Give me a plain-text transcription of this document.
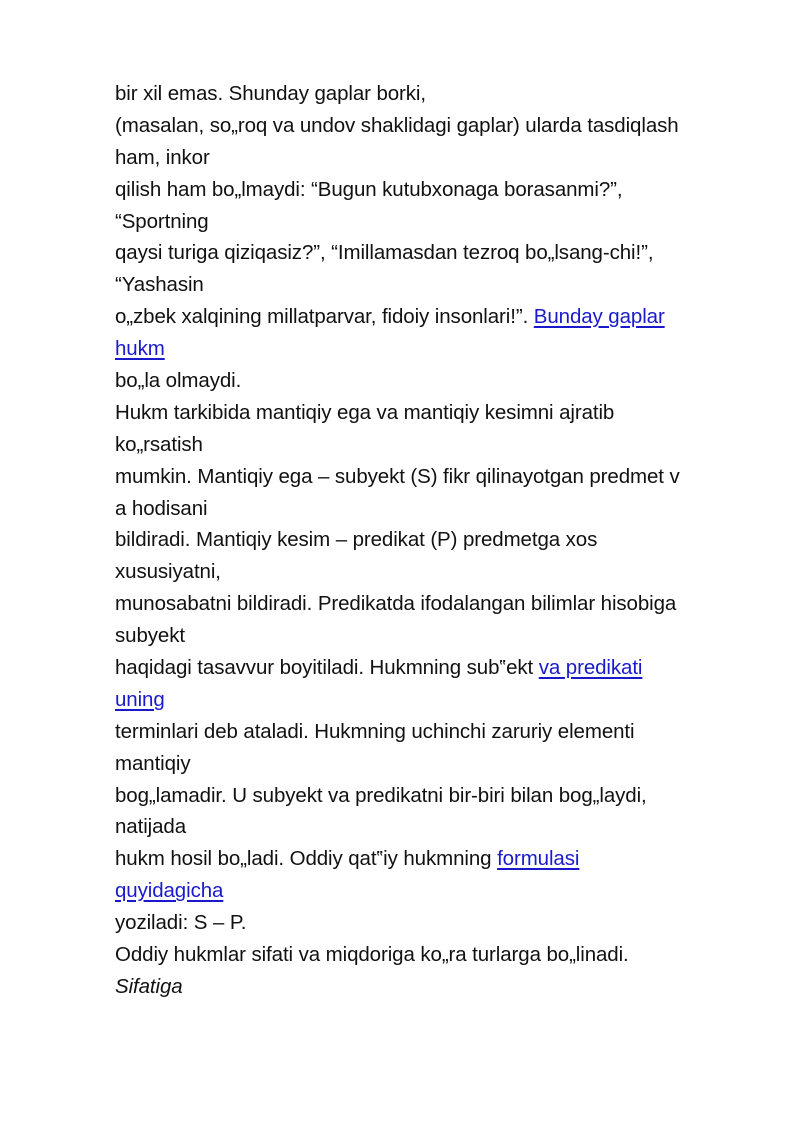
bir xil emas. Shunday gaplar borki,
(masalan, so„roq va undov shaklidagi gaplar) ularda tasdiqlash
ham, inkor
qilish ham bo„lmaydi: “Bugun kutubxonaga borasanmi?”,
“Sportning
qaysi turiga qiziqasiz?”, “Imillamasdan tezroq bo„lsang-chi!”,
“Yashasin
o„zbek xalqining millatparvar, fidoiy insonlari!”. Bunday gaplar
hukm
bo„la olmaydi.
Hukm tarkibida mantiqiy ega va mantiqiy kesimni ajratib
ko„rsatish
mumkin. Mantiqiy ega – subyekt (S) fikr qilinayotgan predmet v
a hodisani
bildiradi. Mantiqiy kesim – predikat (P) predmetga xos
xususiyatni,
munosabatni bildiradi. Predikatda ifodalangan bilimlar hisobiga
subyekt
haqidagi tasavvur boyitiladi. Hukmning sub‟ekt va predikati
uning
terminlari deb ataladi. Hukmning uchinchi zaruriy elementi
mantiqiy
bog„lamadir. U subyekt va predikatni bir-biri bilan bog„laydi,
natijada
hukm hosil bo„ladi. Oddiy qat‟iy hukmning formulasi
quyidagicha
yoziladi: S – P.
Oddiy hukmlar sifati va miqdoriga ko„ra turlarga bo„linadi.
Sifatiga
